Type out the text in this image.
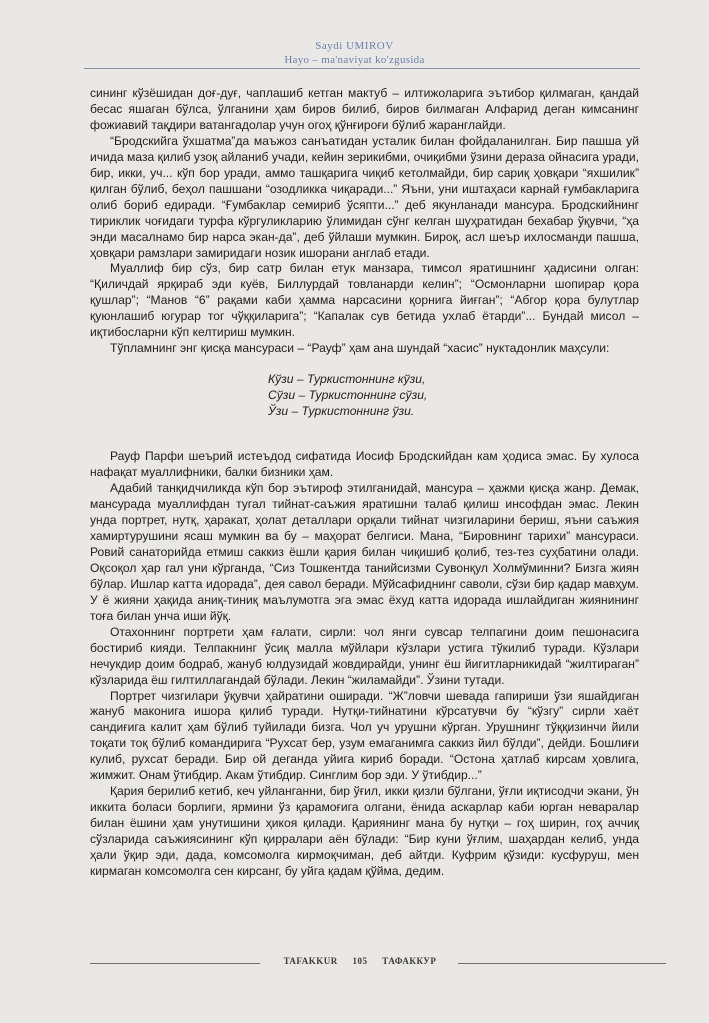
Saydi UMIROV
Hayo – ma'naviyat ko'zgusida

сининг кўзёшидан доғ-дуғ, чаплашиб кетган мактуб – илтижоларига эътибор қилмаган, қандай бесас яшаган бўлса, ўлганини ҳам биров билиб, биров билмаган Алфарид деган кимсанинг фожиавий тақдири ватангадолар учун огоҳ қўнғироғи бўлиб жаранглайди.

“Бродскийга ўхшатма”да маъжоз санъатидан усталик билан фойдаланилган. Бир пашша уй ичида маза қилиб узоқ айланиб учади, кейин зерикибми, очиқибми ўзини дераза ойнасига уради, бир, икки, уч... кўп бор уради, аммо ташқарига чиқиб кетолмайди, бир сариқ ҳовқари “яхшилик” қилган бўлиб, беҳол пашшани “озодликка чиқаради...” Яъни, уни иштаҳаси карнай ғумбакларига олиб бориб едиради. “Ғумбаклар семириб ўсяпти...” деб якунланади мансура. Бродскийнинг тириклик чоғидаги турфа кўргуликларию ўлимидан сўнг келган шуҳратидан бехабар ўқувчи, “ҳа энди масалнамо бир нарса экан-да”, деб ўйлаши мумкин. Бироқ, асл шеър ихлосманди пашша, ҳовқари рамзлари замиридаги нозик ишорани англаб етади.

Муаллиф бир сўз, бир сатр билан етук манзара, тимсол яратишнинг ҳадисини олган: “Қиличдай ярқираб эди куёв, Биллурдай товланарди келин”; “Осмонларни шопирар қора қушлар”; “Манов “6” рақами каби ҳамма нарсасини қорнига йиғган”; “Абгор қора булутлар қуюнлашиб югурар тог чўққиларига”; “Капалак сув бетида ухлаб ётарди”... Бундай мисол – иқтибосларни кўп келтириш мумкин.

Тўпламнинг энг қисқа мансураси – “Рауф” ҳам ана шундай “хасис” нуктадонлик маҳсули:

Кўзи – Туркистоннинг кўзи,
Сўзи – Туркистоннинг сўзи,
Ўзи – Туркистоннинг ўзи.

Рауф Парфи шеърий истеъдод сифатида Иосиф Бродскийдан кам ҳодиса эмас. Бу хулоса нафақат муаллифники, балки бизники ҳам.

Адабий танқидчиликда кўп бор эътироф этилганидай, мансура – ҳажми қисқа жанр. Демак, мансурада муаллифдан тугал тийнат-саъжия яратишни талаб қилиш инсофдан эмас. Лекин унда портрет, нутқ, ҳаракат, ҳолат деталлари орқали тийнат чизгиларини бериш, яъни саъжия хамиртурушини ясаш мумкин ва бу – маҳорат белгиси. Мана, “Бировнинг тарихи” мансураси. Ровий санаторийда етмиш саккиз ёшли қария билан чиқишиб қолиб, тез-тез суҳбатини олади. Оқсоқол ҳар гал уни кўрганда, “Сиз Тошкентда танийсизми Сувонқул Холмўминни? Бизга жиян бўлар. Ишлар катта идорада”, дея савол беради. Мўйсафиднинг саволи, сўзи бир қадар мавҳум. У ё жияни ҳақида аниқ-тиниқ маълумотга эга эмас ёхуд катта идорада ишлайдиган жиянининг тоға билан унча иши йўқ.

Отахоннинг портрети ҳам ғалати, сирли: чол янги сувсар телпагини доим пешонасига бостириб кияди. Телпакнинг ўсиқ малла мўйлари кўзлари устига тўкилиб туради. Кўзлари нечукдир доим бодраб, жануб юлдузидай жовдирайди, унинг ёш йигитларникидай “жилтираган” кўзларида ёш гилтиллагандай бўлади. Лекин “жиламайди”. Ўзини тутади.

Портрет чизгилари ўқувчи ҳайратини оширади. “Ж”ловчи шевада гапириши ўзи яшайдиган жануб маконига ишора қилиб туради. Нутқи-тийнатини кўрсатувчи бу “кўзгу” сирли хаёт сандиғига калит ҳам бўлиб туйилади бизга. Чол уч урушни кўрган. Урушнинг тўққизинчи йили тоқати тоқ бўлиб командирига “Рухсат бер, узум емаганимга саккиз йил бўлди”, дейди. Бошлиғи кулиб, рухсат беради. Бир ой деганда уйига кириб боради. “Остона ҳатлаб кирсам ҳовлига, жимжит. Онам ўтибдир. Акам ўтибдир. Синглим бор эди. У ўтибдир...”

Қария берилиб кетиб, кеч уйланганни, бир ўғил, икки қизли бўлгани, ўғли иқтисодчи экани, ўн иккита боласи борлиги, ярмини ўз қарамоғига олгани, ёнида аскарлар каби юрган неваралар билан ёшини ҳам унутишини ҳикоя қилади. Қариянинг мана бу нутқи – гоҳ ширин, гоҳ аччиқ сўзларида саъжиясининг кўп қирралари аён бўлади: “Бир куни ўғлим, шаҳардан келиб, унда ҳали ўқир эди, дада, комсомолга кирмоқчиман, деб айтди. Куфрим қўзиди: кусфуруш, мен кирмаган комсомолга сен кирсанг, бу уйга қадам қўйма, дедим.

TAFAKKUR 105 ТАФАККУР
